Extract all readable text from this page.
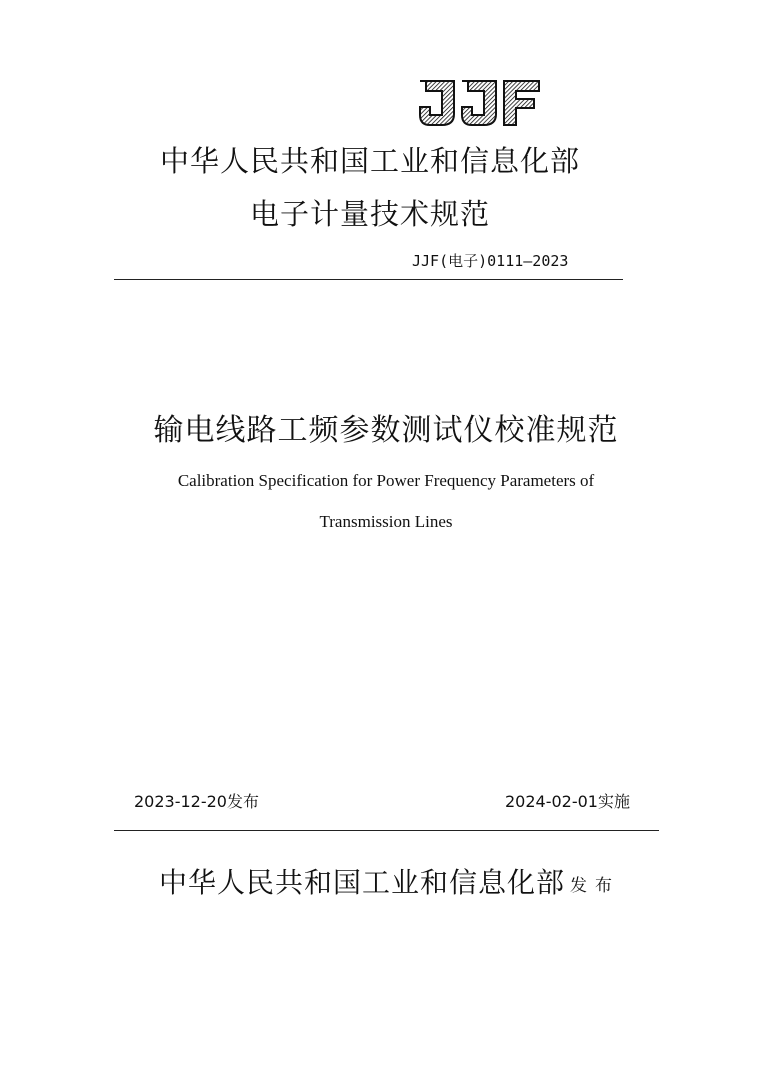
中华人民共和国工业和信息化部
电子计量技术规范
JJF(电子)0111—2023
输电线路工频参数测试仪校准规范
Calibration Specification for Power Frequency Parameters of
Transmission Lines
2023-12-20发布	2024-02-01实施
中华人民共和国工业和信息化部 发布
